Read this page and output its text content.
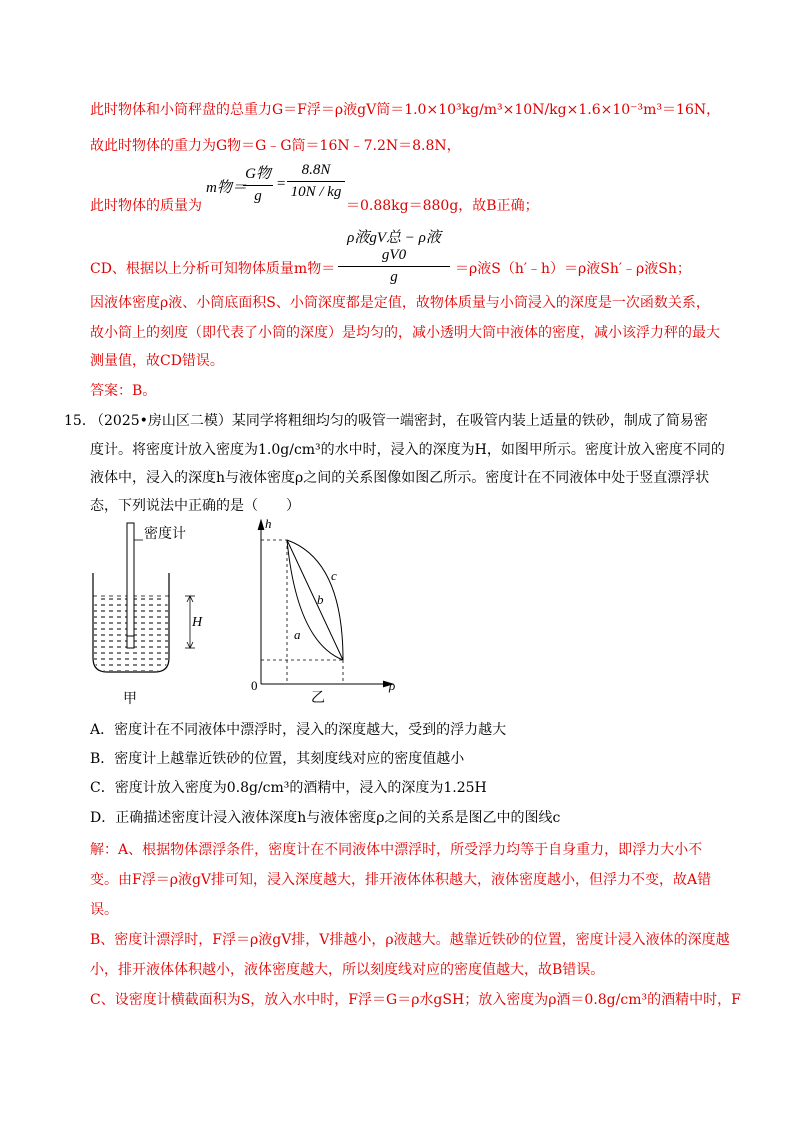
此时物体和小筒秤盘的总重力G＝F浮＝ρ液gV筒＝1.0×10³kg/m³×10N/kg×1.6×10⁻³m³＝16N，
故此时物体的重力为G物＝G﹣G筒＝16N﹣7.2N＝8.8N，
此时物体的质量为
m物＝
G物
g
=
8.8N
10N / kg
＝0.88kg＝880g，故B正确；
CD、根据以上分析可知物体质量m物＝
ρ液gV总 − ρ液gV0
g	＝ρ液S（h′﹣h）＝ρ液Sh′﹣ρ液Sh；
因液体密度ρ液、小筒底面积S、小筒深度都是定值，故物体质量与小筒浸入的深度是一次函数关系，
故小筒上的刻度（即代表了小筒的深度）是均匀的，减小透明大筒中液体的密度，减小该浮力秤的最大
测量值，故CD错误。
答案：B。
15．
（2025•房山区二模）某同学将粗细均匀的吸管一端密封，在吸管内装上适量的铁砂，制成了简易密
度计。将密度计放入密度为1.0g/cm³的水中时，浸入的深度为H，如图甲所示。密度计放入密度不同的
液体中，浸入的深度h与液体密度ρ之间的关系图像如图乙所示。密度计在不同液体中处于竖直漂浮状
态，下列说法中正确的是（　　）
密度计
H
甲
h
ρ
0
a
b
c
乙
A．密度计在不同液体中漂浮时，浸入的深度越大，受到的浮力越大
B．密度计上越靠近铁砂的位置，其刻度线对应的密度值越小
C．密度计放入密度为0.8g/cm³的酒精中，浸入的深度为1.25H
D．正确描述密度计浸入液体深度h与液体密度ρ之间的关系是图乙中的图线c
解：A、根据物体漂浮条件，密度计在不同液体中漂浮时，所受浮力均等于自身重力，即浮力大小不
变。由F浮＝ρ液gV排可知，浸入深度越大，排开液体体积越大，液体密度越小，但浮力不变，故A错
误。
B、密度计漂浮时，F浮＝ρ液gV排，V排越小，ρ液越大。越靠近铁砂的位置，密度计浸入液体的深度越
小，排开液体体积越小，液体密度越大，所以刻度线对应的密度值越大，故B错误。
C、设密度计横截面积为S，放入水中时，F浮＝G＝ρ水gSH；放入密度为ρ酒＝0.8g/cm³的酒精中时，F
